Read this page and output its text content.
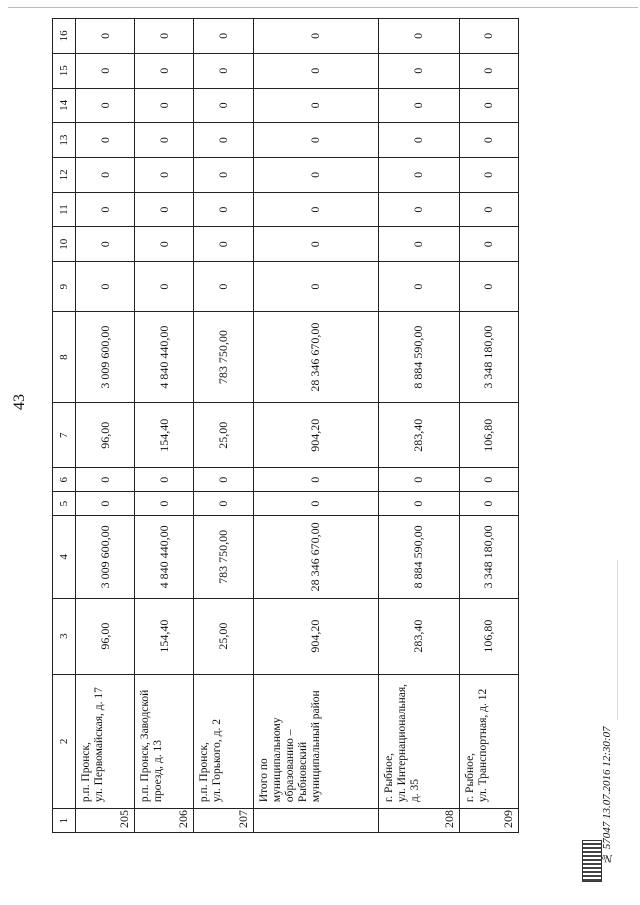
43
1	2	3	4	5	6	7	8	9	10	11	12	13	14	15	16
205	р.п. Пронск,
ул. Первомайская, д. 17	96,00	3 009 600,00	0	0	96,00	3 009 600,00	0	0	0	0	0	0	0	0
206	р.п. Пронск, Заводской
проезд, д. 13	154,40	4 840 440,00	0	0	154,40	4 840 440,00	0	0	0	0	0	0	0	0
207	р.п. Пронск,
ул. Горького, д. 2	25,00	783 750,00	0	0	25,00	783 750,00	0	0	0	0	0	0	0	0
	Итого по муниципальному
образованию – Рыбновский
муниципальный район	904,20	28 346 670,00	0	0	904,20	28 346 670,00	0	0	0	0	0	0	0	0
208	г. Рыбное,
ул. Интернациональная,
д. 35	283,40	8 884 590,00	0	0	283,40	8 884 590,00	0	0	0	0	0	0	0	0
209	г. Рыбное,
ул. Транспортная, д. 12	106,80	3 348 180,00	0	0	106,80	3 348 180,00	0	0	0	0	0	0	0	0
№ 57047 13.07.2016 12:30:07
